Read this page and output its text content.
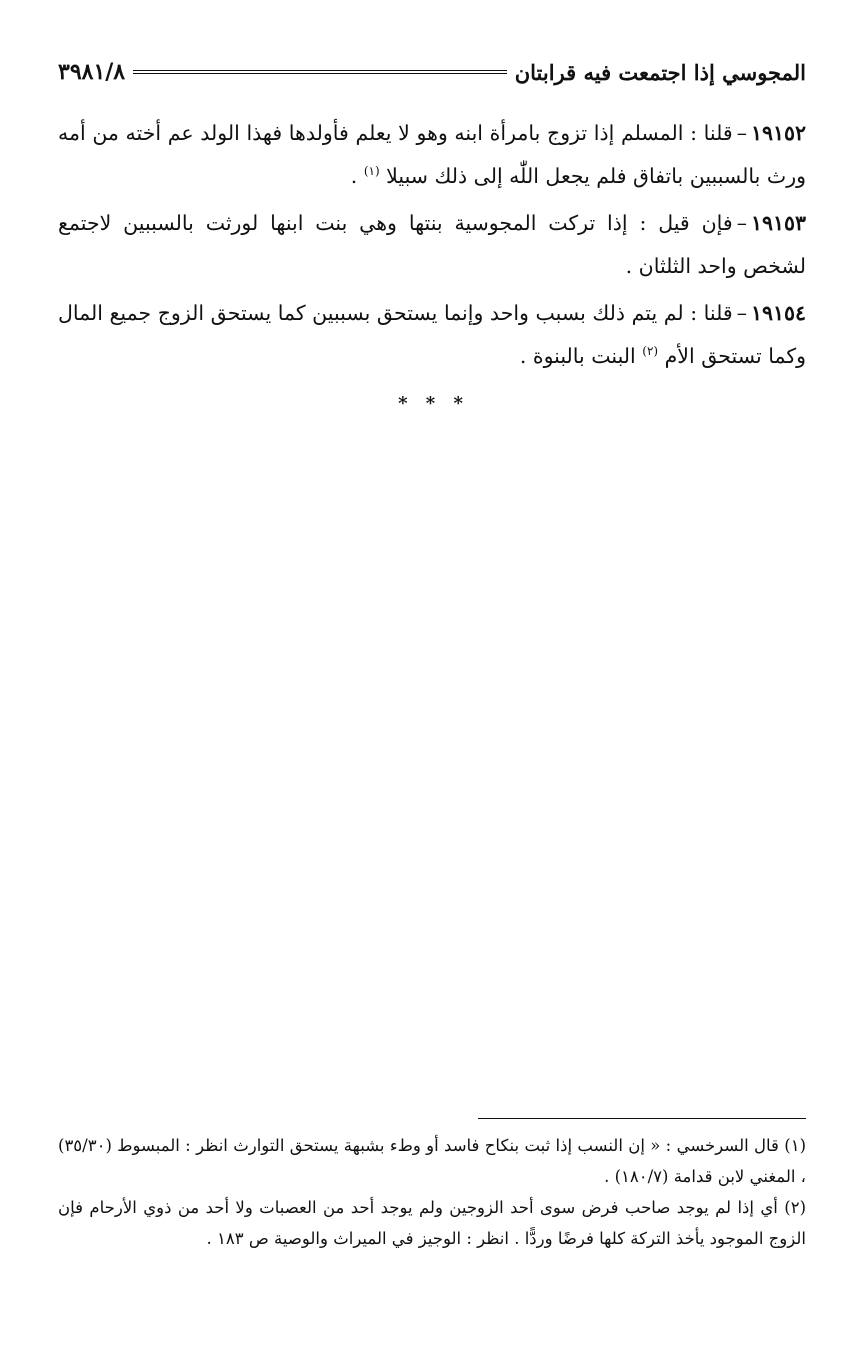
المجوسي إذا اجتمعت فيه قرابتان
٣٩٨١/٨

١٩١٥٢–قلنا : المسلم إذا تزوج بامرأة ابنه وهو لا يعلم فأولدها فهذا الولد عم أخته من أمه ورث بالسببين باتفاق فلم يجعل اللّٰه إلى ذلك سبيلا $^{(١)}$ .

١٩١٥٣–فإن قيل : إذا تركت المجوسية بنتها وهي بنت ابنها لورثت بالسببين لاجتمع لشخص واحد الثلثان .

١٩١٥٤–قلنا : لم يتم ذلك بسبب واحد وإنما يستحق بسببين كما يستحق الزوج جميع المال وكما تستحق الأم $^{(٢)}$ البنت بالبنوة .

* * *

(١) قال السرخسي : « إن النسب إذا ثبت بنكاح فاسد أو وطء بشبهة يستحق التوارث انظر : المبسوط (٣٥/٣٠) ، المغني لابن قدامة (١٨٠/٧) .

(٢) أي إذا لم يوجد صاحب فرض سوى أحد الزوجين ولم يوجد أحد من العصبات ولا أحد من ذوي الأرحام فإن الزوج الموجود يأخذ التركة كلها فرضًا وردًّا . انظر : الوجيز في الميراث والوصية ص ١٨٣ .
